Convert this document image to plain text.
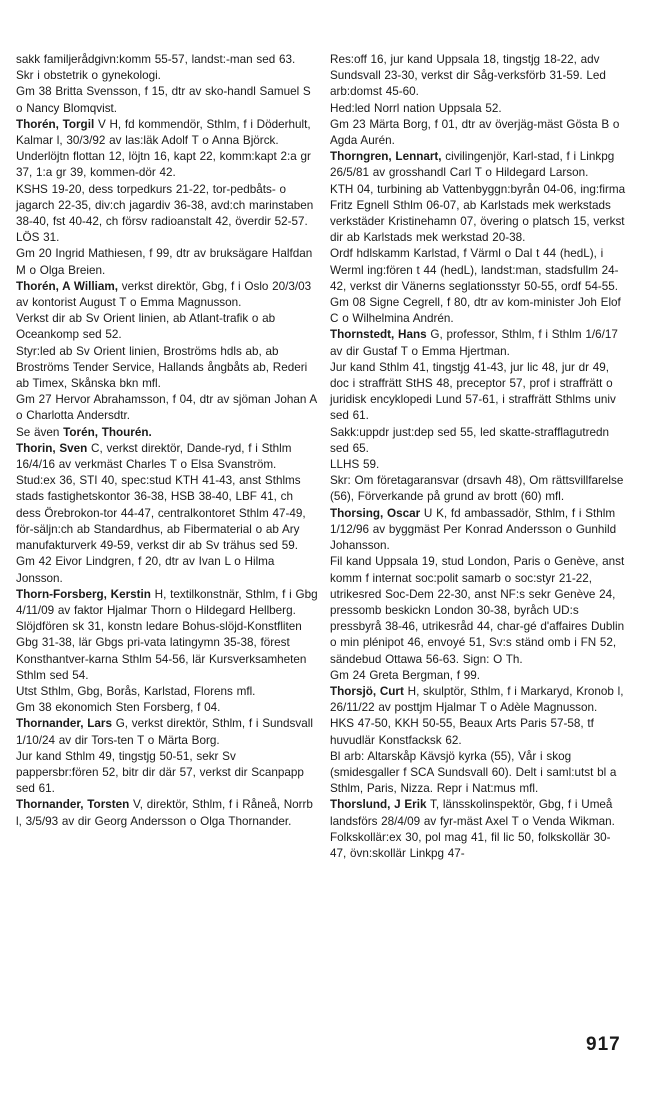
sakk familjerådgivn:komm 55-57, landst:-man sed 63.

Skr i obstetrik o gynekologi.

Gm 38 Britta Svensson, f 15, dtr av sko-handl Samuel S o Nancy Blomqvist.

Thorén, Torgil V H, fd kommendör, Sthlm, f i Döderhult, Kalmar l, 30/3/92 av las:läk Adolf T o Anna Björck.

Underlöjtn flottan 12, löjtn 16, kapt 22, komm:kapt 2:a gr 37, 1:a gr 39, kommen-dör 42.

KSHS 19-20, dess torpedkurs 21-22, tor-pedbåts- o jagarch 22-35, div:ch jagardiv 36-38, avd:ch marinstaben 38-40, fst 40-42, ch försv radioanstalt 42, överdir 52-57.

LÖS 31.

Gm 20 Ingrid Mathiesen, f 99, dtr av bruksägare Halfdan M o Olga Breien.

Thorén, A William, verkst direktör, Gbg, f i Oslo 20/3/03 av kontorist August T o Emma Magnusson.

Verkst dir ab Sv Orient linien, ab Atlant-trafik o ab Oceankomp sed 52.

Styr:led ab Sv Orient linien, Broströms hdls ab, ab Broströms Tender Service, Hallands ångbåts ab, Rederi ab Timex, Skånska bkn mfl.

Gm 27 Hervor Abrahamsson, f 04, dtr av sjöman Johan A o Charlotta Andersdtr.

Se även Torén, Thourén.

Thorin, Sven C, verkst direktör, Dande-ryd, f i Sthlm 16/4/16 av verkmäst Charles T o Elsa Svanström.

Stud:ex 36, STI 40, spec:stud KTH 41-43, anst Sthlms stads fastighetskontor 36-38, HSB 38-40, LBF 41, ch dess Örebrokon-tor 44-47, centralkontoret Sthlm 47-49, för-säljn:ch ab Standardhus, ab Fibermaterial o ab Ary manufakturverk 49-59, verkst dir ab Sv trähus sed 59.

Gm 42 Eivor Lindgren, f 20, dtr av Ivan L o Hilma Jonsson.

Thorn-Forsberg, Kerstin H, textilkonstnär, Sthlm, f i Gbg 4/11/09 av faktor Hjalmar Thorn o Hildegard Hellberg.

Slöjdfören sk 31, konstn ledare Bohus-slöjd-Konstfliten Gbg 31-38, lär Gbgs pri-vata latingymn 35-38, förest Konsthantver-karna Sthlm 54-56, lär Kursverksamheten Sthlm sed 54.

Utst Sthlm, Gbg, Borås, Karlstad, Florens mfl.

Gm 38 ekonomich Sten Forsberg, f 04.

Thornander, Lars G, verkst direktör, Sthlm, f i Sundsvall 1/10/24 av dir Tors-ten T o Märta Borg.

Jur kand Sthlm 49, tingstjg 50-51, sekr Sv pappersbr:fören 52, bitr dir där 57, verkst dir Scanpapp sed 61.

Thornander, Torsten V, direktör, Sthlm, f i Råneå, Norrb l, 3/5/93 av dir Georg Andersson o Olga Thornander.

Res:off 16, jur kand Uppsala 18, tingstjg 18-22, adv Sundsvall 23-30, verkst dir Såg-verksförb 31-59. Led arb:domst 45-60.

Hed:led Norrl nation Uppsala 52.

Gm 23 Märta Borg, f 01, dtr av överjäg-mäst Gösta B o Agda Aurén.

Thorngren, Lennart, civilingenjör, Karl-stad, f i Linkpg 26/5/81 av grosshandl Carl T o Hildegard Larson.

KTH 04, turbining ab Vattenbyggn:byrån 04-06, ing:firma Fritz Egnell Sthlm 06-07, ab Karlstads mek werkstads verkstäder Kristinehamn 07, övering o platsch 15, verkst dir ab Karlstads mek werkstad 20-38.

Ordf hdlskamm Karlstad, f Värml o Dal t 44 (hedL), i Werml ing:fören t 44 (hedL), landst:man, stadsfullm 24-42, verkst dir Vänerns seglationsstyr 50-55, ordf 54-55.

Gm 08 Signe Cegrell, f 80, dtr av kom-minister Joh Elof C o Wilhelmina Andrén.

Thornstedt, Hans G, professor, Sthlm, f i Sthlm 1/6/17 av dir Gustaf T o Emma Hjertman.

Jur kand Sthlm 41, tingstjg 41-43, jur lic 48, jur dr 49, doc i straffrätt StHS 48, preceptor 57, prof i straffrätt o juridisk encyklopedi Lund 57-61, i straffrätt Sthlms univ sed 61.

Sakk:uppdr just:dep sed 55, led skatte-strafflagutredn sed 65.

LLHS 59.

Skr: Om företagaransvar (drsavh 48), Om rättsvillfarelse (56), Förverkande på grund av brott (60) mfl.

Thorsing, Oscar U K, fd ambassadör, Sthlm, f i Sthlm 1/12/96 av byggmäst Per Konrad Andersson o Gunhild Johansson.

Fil kand Uppsala 19, stud London, Paris o Genève, anst komm f internat soc:polit samarb o soc:styr 21-22, utrikesred Soc-Dem 22-30, anst NF:s sekr Genève 24, pressomb beskickn London 30-38, byråch UD:s pressbyrå 38-46, utrikesråd 44, char-gé d'affaires Dublin o min plénipot 46, envoyé 51, Sv:s ständ omb i FN 52, sändebud Ottawa 56-63. Sign: O Th.

Gm 24 Greta Bergman, f 99.

Thorsjö, Curt H, skulptör, Sthlm, f i Markaryd, Kronob l, 26/11/22 av posttjm Hjalmar T o Adèle Magnusson.

HKS 47-50, KKH 50-55, Beaux Arts Paris 57-58, tf huvudlär Konstfacksk 62.

Bl arb: Altarskåp Kävsjö kyrka (55), Vår i skog (smidesgaller f SCA Sundsvall 60). Delt i saml:utst bl a Sthlm, Paris, Nizza. Repr i Nat:mus mfl.

Thorslund, J Erik T, länsskolinspektör, Gbg, f i Umeå landsförs 28/4/09 av fyr-mäst Axel T o Venda Wikman.

Folkskollär:ex 30, pol mag 41, fil lic 50, folkskollär 30-47, övn:skollär Linkpg 47-

917
